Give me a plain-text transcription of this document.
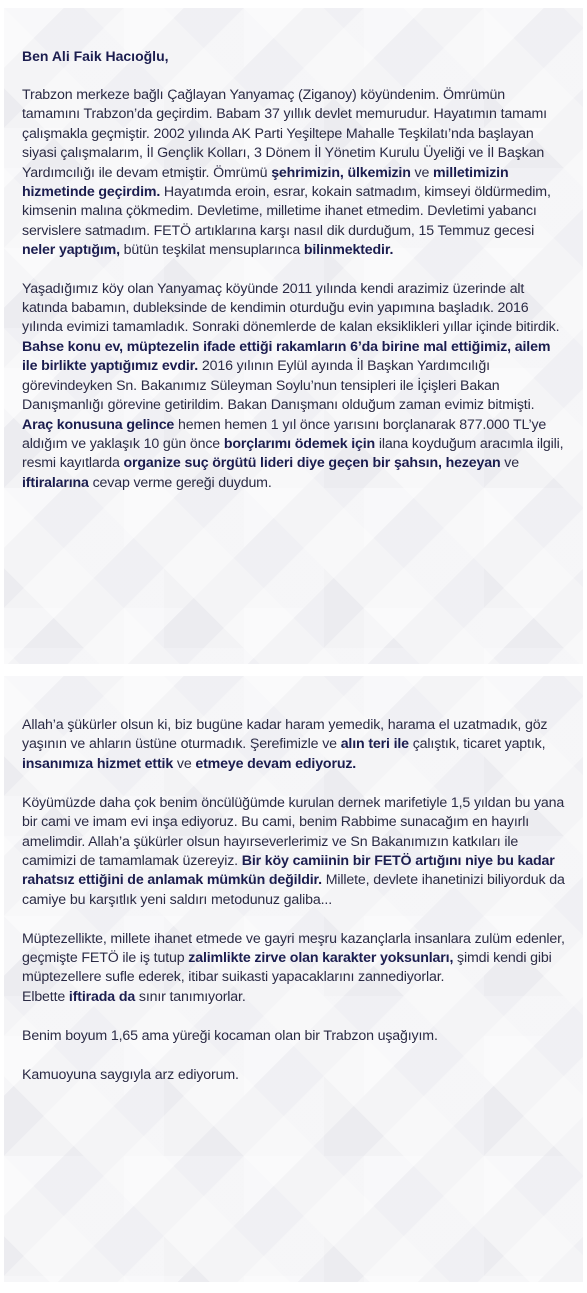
Ben Ali Faik Hacıoğlu,

Trabzon merkeze bağlı Çağlayan Yanyamaç (Ziganoy) köyündenim. Ömrümün tamamını Trabzon’da geçirdim. Babam 37 yıllık devlet memurudur. Hayatımın tamamı çalışmakla geçmiştir. 2002 yılında AK Parti Yeşiltepe Mahalle Teşkilatı’nda başlayan siyasi çalışmalarım, İl Gençlik Kolları, 3 Dönem İl Yönetim Kurulu Üyeliği ve İl Başkan Yardımcılığı ile devam etmiştir. Ömrümü şehrimizin, ülkemizin ve milletimizin hizmetinde geçirdim. Hayatımda eroin, esrar, kokain satmadım, kimseyi öldürmedim, kimsenin malına çökmedim. Devletime, milletime ihanet etmedim. Devletimi yabancı servislere satmadım. FETÖ artıklarına karşı nasıl dik durduğum, 15 Temmuz gecesi neler yaptığım, bütün teşkilat mensuplarınca bilinmektedir.

Yaşadığımız köy olan Yanyamaç köyünde 2011 yılında kendi arazimiz üzerinde alt katında babamın, dubleksinde de kendimin oturduğu evin yapımına başladık. 2016 yılında evimizi tamamladık. Sonraki dönemlerde de kalan eksiklikleri yıllar içinde bitirdik. Bahse konu ev, müptezelin ifade ettiği rakamların 6’da birine mal ettiğimiz, ailem ile birlikte yaptığımız evdir. 2016 yılının Eylül ayında İl Başkan Yardımcılığı görevindeyken Sn. Bakanımız Süleyman Soylu’nun tensipleri ile İçişleri Bakan Danışmanlığı görevine getirildim. Bakan Danışmanı olduğum zaman evimiz bitmişti. Araç konusuna gelince hemen hemen 1 yıl önce yarısını borçlanarak 877.000 TL’ye aldığım ve yaklaşık 10 gün önce borçlarımı ödemek için ilana koyduğum aracımla ilgili, resmi kayıtlarda organize suç örgütü lideri diye geçen bir şahsın, hezeyan ve iftiralarına cevap verme gereği duydum.

Allah’a şükürler olsun ki, biz bugüne kadar haram yemedik, harama el uzatmadık, göz yaşının ve ahların üstüne oturmadık. Şerefimizle ve alın teri ile çalıştık, ticaret yaptık, insanımıza hizmet ettik ve etmeye devam ediyoruz.

Köyümüzde daha çok benim öncülüğümde kurulan dernek marifetiyle 1,5 yıldan bu yana bir cami ve imam evi inşa ediyoruz. Bu cami, benim Rabbime sunacağım en hayırlı amelimdir. Allah’a şükürler olsun hayırseverlerimiz ve Sn Bakanımızın katkıları ile camimizi de tamamlamak üzereyiz. Bir köy camiinin bir FETÖ artığını niye bu kadar rahatsız ettiğini de anlamak mümkün değildir. Millete, devlete ihanetinizi biliyorduk da camiye bu karşıtlık yeni saldırı metodunuz galiba...

Müptezellikte, millete ihanet etmede ve gayri meşru kazançlarla insanlara zulüm edenler, geçmişte FETÖ ile iş tutup zalimlikte zirve olan karakter yoksunları, şimdi kendi gibi müptezellere sufle ederek, itibar suikasti yapacaklarını zannediyorlar.

Elbette iftirada da sınır tanımıyorlar.

Benim boyum 1,65 ama yüreği kocaman olan bir Trabzon uşağıyım.

Kamuoyuna saygıyla arz ediyorum.
